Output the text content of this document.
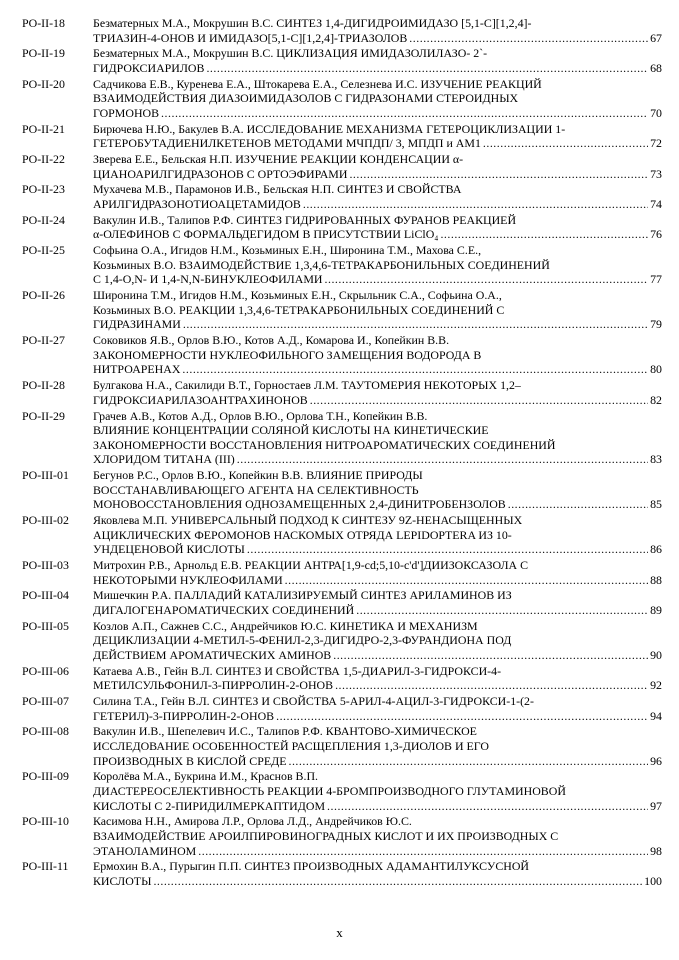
PO-II-18	Безматерных М.А., Мокрушин В.С. СИНТЕЗ 1,4-ДИГИДРОИМИДАЗО [5,1-C][1,2,4]-
ТРИАЗИН-4-ОНОВ И ИМИДАЗО[5,1-C][1,2,4]-ТРИАЗОЛОВ .....	67
PO-II-19	Безматерных М.А., Мокрушин В.С. ЦИКЛИЗАЦИЯ ИМИДАЗОЛИЛАЗО- 2`-
ГИДРОКСИАРИЛОВ .....	68
PO-II-20	Садчикова Е.В., Куренева Е.А., Штокарева Е.А., Селезнева И.С. ИЗУЧЕНИЕ РЕАКЦИЙ
ВЗАИМОДЕЙСТВИЯ ДИАЗОИМИДАЗОЛОВ С ГИДРАЗОНАМИ СТЕРОИДНЫХ
ГОРМОНОВ .....	70
PO-II-21	Бирючева Н.Ю., Бакулев В.А. ИССЛЕДОВАНИЕ МЕХАНИЗМА ГЕТЕРОЦИКЛИЗАЦИИ 1-
ГЕТЕРОБУТАДИЕНИЛКЕТЕНОВ МЕТОДАМИ МЧПДП/ 3, МПДП и АМ1 .....	72
PO-II-22	Зверева Е.Е., Бельская Н.П. ИЗУЧЕНИЕ РЕАКЦИИ КОНДЕНСАЦИИ α-
ЦИАНОАРИЛГИДРАЗОНОВ С ОРТОЭФИРАМИ .....	73
PO-II-23	Мухачева М.В., Парамонов И.В., Бельская Н.П. СИНТЕЗ И СВОЙСТВА
АРИЛГИДРАЗОНОТИОАЦЕТАМИДОВ .....	74
PO-II-24	Вакулин И.В., Талипов Р.Ф. СИНТЕЗ ГИДРИРОВАННЫХ ФУРАНОВ РЕАКЦИЕЙ
α-ОЛЕФИНОВ С ФОРМАЛЬДЕГИДОМ В ПРИСУТСТВИИ LiClO₄ .....	76
PO-II-25	Софьина О.А., Игидов Н.М., Козьминых Е.Н., Широнина Т.М., Махова С.Е.,
Козьминых В.О. ВЗАИМОДЕЙСТВИЕ 1,3,4,6-ТЕТРАКАРБОНИЛЬНЫХ СОЕДИНЕНИЙ
С 1,4-O,N- И 1,4-N,N-БИНУКЛЕОФИЛАМИ .....	77
PO-II-26	Широнина Т.М., Игидов Н.М., Козьминых Е.Н., Скрыльник С.А., Софьина О.А.,
Козьминых В.О. РЕАКЦИИ 1,3,4,6-ТЕТРАКАРБОНИЛЬНЫХ СОЕДИНЕНИЙ С
ГИДРАЗИНАМИ .....	79
PO-II-27	Соковиков Я.В., Орлов В.Ю., Котов А.Д., Комарова И., Копейкин В.В.
ЗАКОНОМЕРНОСТИ НУКЛЕОФИЛЬНОГО ЗАМЕЩЕНИЯ ВОДОРОДА В
НИТРОАРЕНАХ .....	80
PO-II-28	Булгакова Н.А., Сакилиди В.Т., Горностаев Л.М. ТАУТОМЕРИЯ НЕКОТОРЫХ 1,2–
ГИДРОКСИАРИЛАЗОАНТРАХИНОНОВ .....	82
PO-II-29	Грачев А.В., Котов А.Д., Орлов В.Ю., Орлова Т.Н., Копейкин В.В.
ВЛИЯНИЕ КОНЦЕНТРАЦИИ СОЛЯНОЙ КИСЛОТЫ НА КИНЕТИЧЕСКИЕ
ЗАКОНОМЕРНОСТИ ВОССТАНОВЛЕНИЯ НИТРОАРОМАТИЧЕСКИХ СОЕДИНЕНИЙ
ХЛОРИДОМ ТИТАНА (III) .....	83
PO-III-01	Бегунов Р.С., Орлов В.Ю., Копейкин В.В. ВЛИЯНИЕ ПРИРОДЫ
ВОССТАНАВЛИВАЮЩЕГО АГЕНТА НА СЕЛЕКТИВНОСТЬ
МОНОВОССТАНОВЛЕНИЯ ОДНОЗАМЕЩЕННЫХ 2,4-ДИНИТРОБЕНЗОЛОВ .....	85
PO-III-02	Яковлева М.П. УНИВЕРСАЛЬНЫЙ ПОДХОД К СИНТЕЗУ 9Z-НЕНАСЫЩЕННЫХ
АЦИКЛИЧЕСКИХ ФЕРОМОНОВ НАСКОМЫХ ОТРЯДА LEPIDOPTERA ИЗ 10-
УНДЕЦЕНОВОЙ КИСЛОТЫ .....	86
PO-III-03	Митрохин Р.В., Арнольд Е.В. РЕАКЦИИ АНТРА[1,9-cd;5,10-c'd']ДИИЗОКСАЗОЛА С
НЕКОТОРЫМИ НУКЛЕОФИЛАМИ .....	88
PO-III-04	Мишечкин Р.А. ПАЛЛАДИЙ КАТАЛИЗИРУЕМЫЙ СИНТЕЗ АРИЛАМИНОВ ИЗ
ДИГАЛОГЕНАРОМАТИЧЕСКИХ СОЕДИНЕНИЙ .....	89
PO-III-05	Козлов А.П., Сажнев С.С., Андрейчиков Ю.С. КИНЕТИКА И МЕХАНИЗМ
ДЕЦИКЛИЗАЦИИ 4-МЕТИЛ-5-ФЕНИЛ-2,3-ДИГИДРО-2,3-ФУРАНДИОНА ПОД
ДЕЙСТВИЕМ АРОМАТИЧЕСКИХ АМИНОВ .....	90
PO-III-06	Катаева А.В., Гейн В.Л. СИНТЕЗ И СВОЙСТВА 1,5-ДИАРИЛ-3-ГИДРОКСИ-4-
МЕТИЛСУЛЬФОНИЛ-3-ПИРРОЛИН-2-ОНОВ .....	92
PO-III-07	Силина Т.А., Гейн В.Л. СИНТЕЗ И СВОЙСТВА 5-АРИЛ-4-АЦИЛ-3-ГИДРОКСИ-1-(2-
ГЕТЕРИЛ)-3-ПИРРОЛИН-2-ОНОВ .....	94
PO-III-08	Вакулин И.В., Шепелевич И.С., Талипов Р.Ф. КВАНТОВО-ХИМИЧЕСКОЕ
ИССЛЕДОВАНИЕ ОСОБЕННОСТЕЙ РАСЩЕПЛЕНИЯ 1,3-ДИОЛОВ И ЕГО
ПРОИЗВОДНЫХ В КИСЛОЙ СРЕДЕ .....	96
PO-III-09	Королёва М.А., Букрина И.М., Краснов В.П.
ДИАСТЕРЕОСЕЛЕКТИВНОСТЬ РЕАКЦИИ 4-БРОМПРОИЗВОДНОГО ГЛУТАМИНОВОЙ
КИСЛОТЫ С 2-ПИРИДИЛМЕРКАПТИДОМ .....	97
PO-III-10	Касимова Н.Н., Амирова Л.Р., Орлова Л.Д., Андрейчиков Ю.С.
ВЗАИМОДЕЙСТВИЕ АРОИЛПИРОВИНОГРАДНЫХ КИСЛОТ И ИХ ПРОИЗВОДНЫХ С
ЭТАНОЛАМИНОМ .....	98
PO-III-11	Ермохин В.А., Пурыгин П.П. СИНТЕЗ ПРОИЗВОДНЫХ АДАМАНТИЛУКСУСНОЙ
КИСЛОТЫ .....	100
x
